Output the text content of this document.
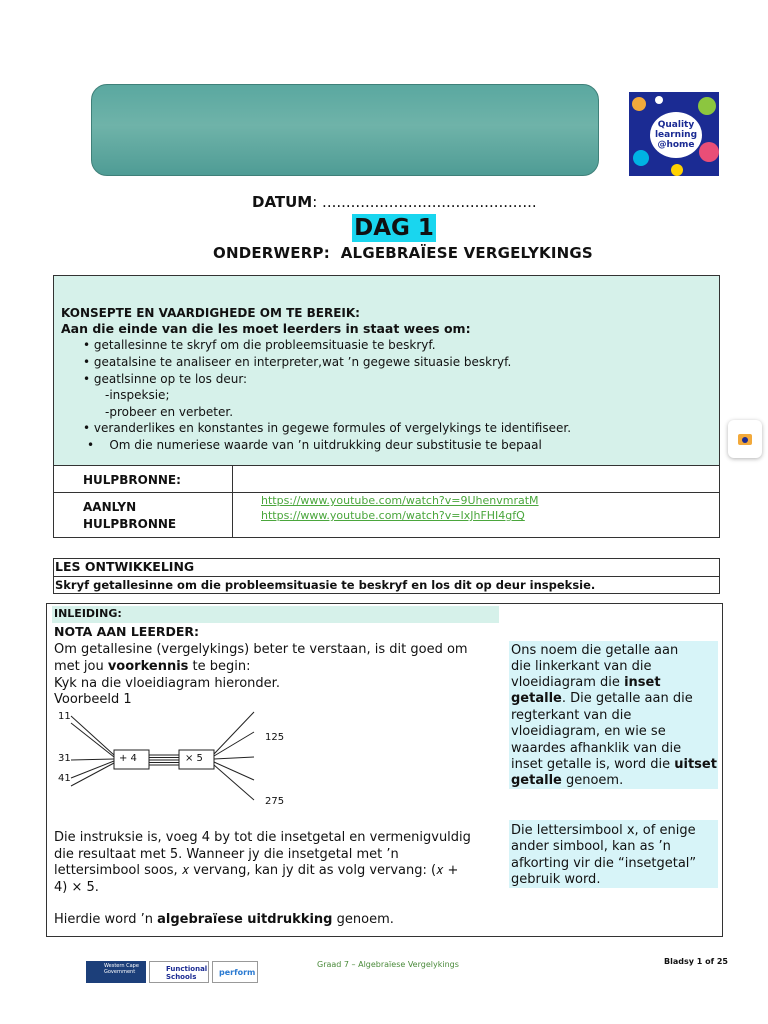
Quality
learning
@home
DATUM: .............................................
DAG 1
ONDERWERP: ALGEBRAÏESE VERGELYKINGS
KONSEPTE EN VAARDIGHEDE OM TE BEREIK:
Aan die einde van die les moet leerders in staat wees om:
• getallesinne te skryf om die probleemsituasie te beskryf.
• geatalsine te analiseer en interpreter,wat ’n gegewe situasie beskryf.
• geatlsinne op te los deur:
-inspeksie;
-probeer en verbeter.
• veranderlikes en konstantes in gegewe formules of vergelykings te identifiseer.
•    Om die numeriese waarde van ’n uitdrukking deur substitusie te bepaal
HULPBRONNE:
AANLYN
HULPBRONNE
https://www.youtube.com/watch?v=9UhenvmratM
https://www.youtube.com/watch?v=IxJhFHI4gfQ
LES ONTWIKKELING
Skryf getallesinne om die probleemsituasie te beskryf en los dit op deur inspeksie.
INLEIDING:
NOTA AAN LEERDER:
Om getallesine (vergelykings) beter te verstaan, is dit goed om
met jou voorkennis te begin:
Kyk na die vloeidiagram hieronder.
Voorbeeld 1
11
31
41
+ 4	× 5
125
275
Die instruksie is, voeg 4 by tot die insetgetal en vermenigvuldig
die resultaat met 5. Wanneer jy die insetgetal met ’n
lettersimbool soos, 𝑥 vervang, kan jy dit as volg vervang: (𝑥 +
4) × 5.
Hierdie word ’n algebraïese uitdrukking genoem.
Ons noem die getalle aan
die linkerkant van die
vloeidiagram die inset
getalle. Die getalle aan die
regterkant van die
vloeidiagram, en wie se
waardes afhanklik van die
inset getalle is, word die uitset
getalle genoem.
Die lettersimbool x, of enige
ander simbool, kan as ’n
afkorting vir die “insetgetal”
gebruik word.
Western Cape Government	Functional Schools	perform
Graad 7 – Algebraïese Vergelykings	Bladsy 1 of 25
